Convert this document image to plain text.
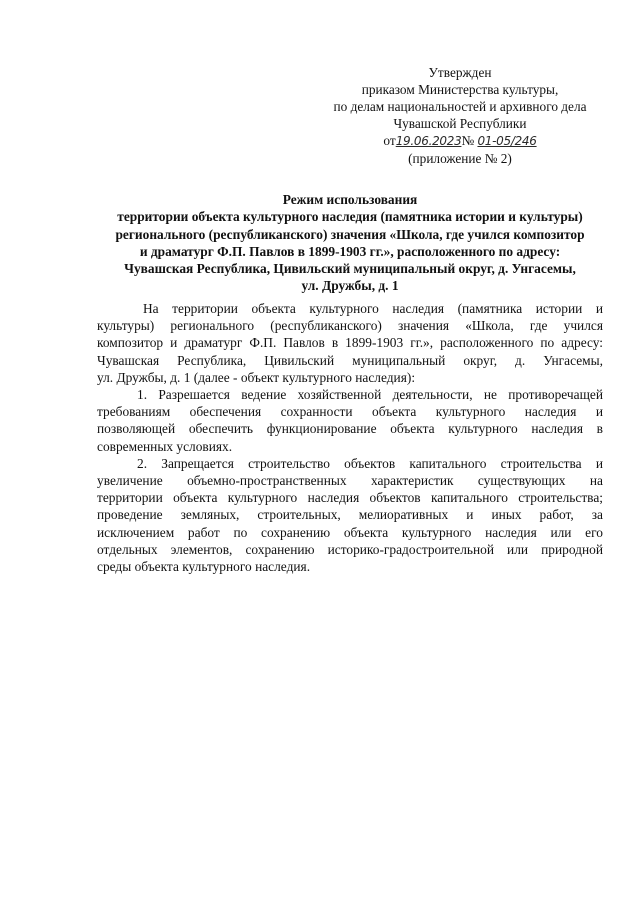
Утвержден
приказом Министерства культуры,
по делам национальностей и архивного дела
Чувашской Республики
от19.06.2023№ 01-05/246
(приложение № 2)
Режим использования
территории объекта культурного наследия (памятника истории и культуры)
регионального (республиканского) значения «Школа, где учился композитор
и драматург Ф.П. Павлов в 1899-1903 гг.», расположенного по адресу:
Чувашская Республика, Цивильский муниципальный округ, д. Унгасемы,
ул. Дружбы, д. 1

На территории объекта культурного наследия (памятника истории и
культуры) регионального (республиканского) значения «Школа, где учился
композитор и драматург Ф.П. Павлов в 1899-1903 гг.», расположенного по адресу:
Чувашская Республика, Цивильский муниципальный округ, д. Унгасемы,
ул. Дружбы, д. 1 (далее - объект культурного наследия):

1. Разрешается ведение хозяйственной деятельности, не противоречащей
требованиям обеспечения сохранности объекта культурного наследия и
позволяющей обеспечить функционирование объекта культурного наследия в
современных условиях.

2. Запрещается строительство объектов капитального строительства и
увеличение объемно-пространственных характеристик существующих на
территории объекта культурного наследия объектов капитального строительства;
проведение земляных, строительных, мелиоративных и иных работ, за
исключением работ по сохранению объекта культурного наследия или его
отдельных элементов, сохранению историко-градостроительной или природной
среды объекта культурного наследия.
